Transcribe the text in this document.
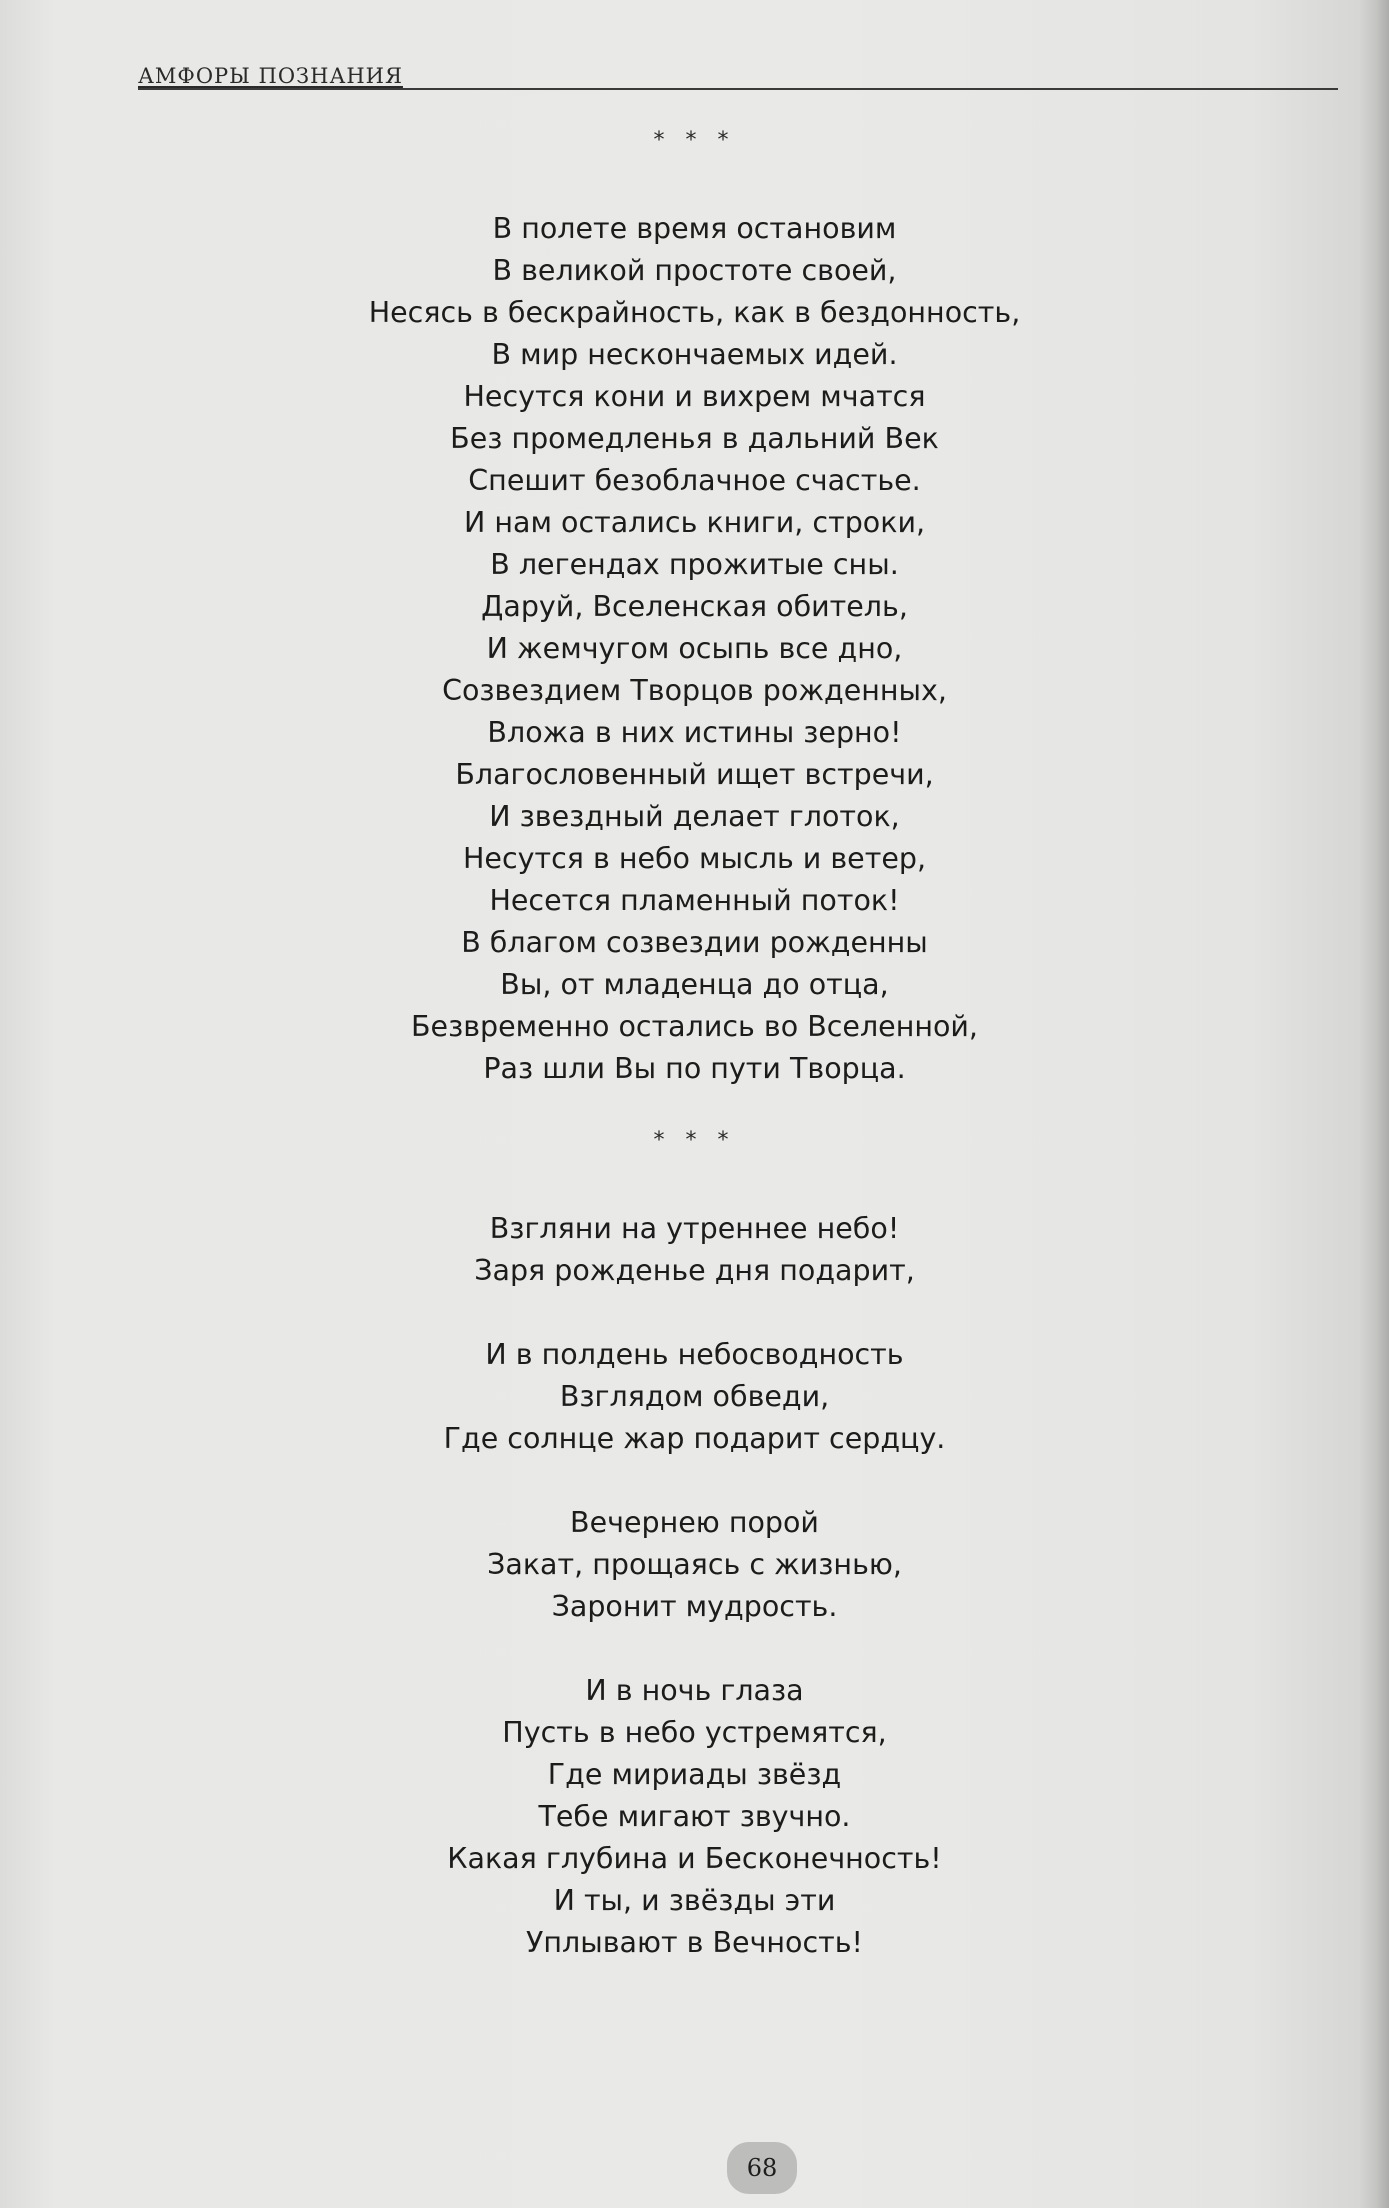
АМФОРЫ ПОЗНАНИЯ
* * *
В полете время остановим
В великой простоте своей,
Несясь в бескрайность, как в бездонность,
В мир нескончаемых идей.
Несутся кони и вихрем мчатся
Без промедленья в дальний Век
Спешит безоблачное счастье.
И нам остались книги, строки,
В легендах прожитые сны.
Даруй, Вселенская обитель,
И жемчугом осыпь все дно,
Созвездием Творцов рожденных,
Вложа в них истины зерно!
Благословенный ищет встречи,
И звездный делает глоток,
Несутся в небо мысль и ветер,
Несется пламенный поток!
В благом созвездии рожденны
Вы, от младенца до отца,
Безвременно остались во Вселенной,
Раз шли Вы по пути Творца.
* * *
Взгляни на утреннее небо!
Заря рожденье дня подарит,
И в полдень небосводность
Взглядом обведи,
Где солнце жар подарит сердцу.
Вечернею порой
Закат, прощаясь с жизнью,
Заронит мудрость.
И в ночь глаза
Пусть в небо устремятся,
Где мириады звёзд
Тебе мигают звучно.
Какая глубина и Бесконечность!
И ты, и звёзды эти
Уплывают в Вечность!
68
